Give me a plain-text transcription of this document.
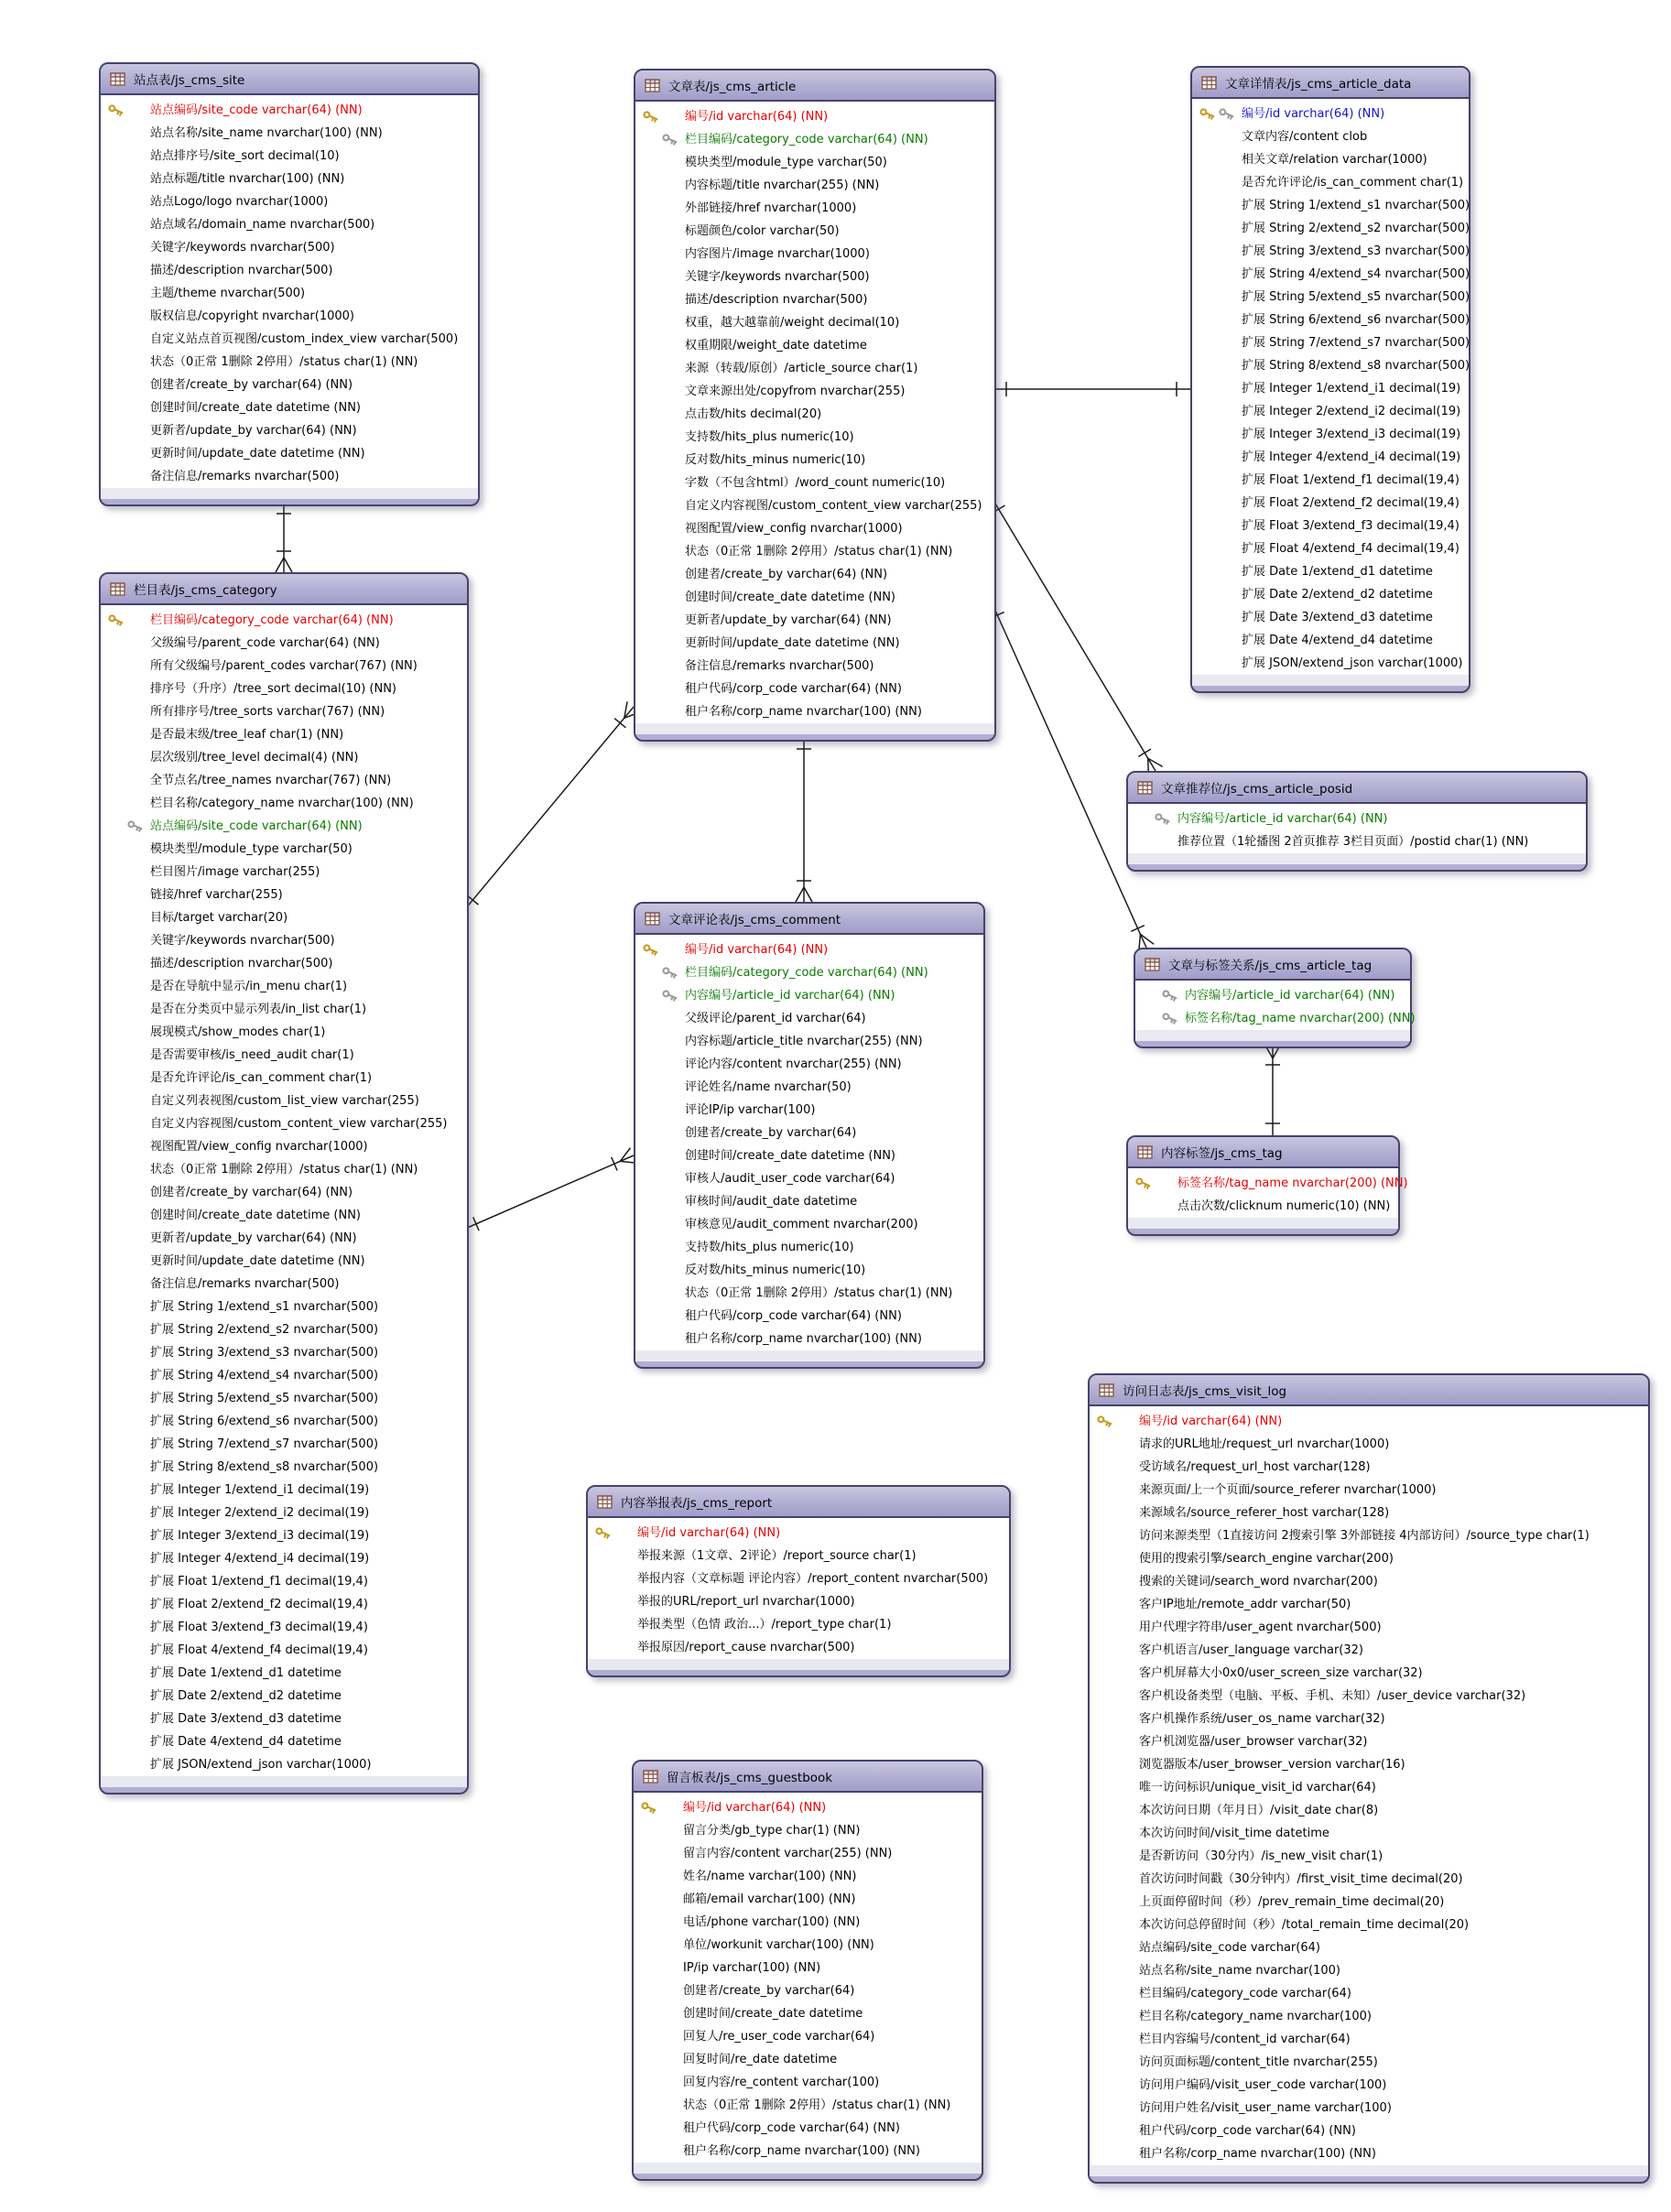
站点表/js_cms_site
站点编码/site_code varchar(64) (NN)
站点名称/site_name nvarchar(100) (NN)
站点排序号/site_sort decimal(10)
站点标题/title nvarchar(100) (NN)
站点Logo/logo nvarchar(1000)
站点域名/domain_name nvarchar(500)
关键字/keywords nvarchar(500)
描述/description nvarchar(500)
主题/theme nvarchar(500)
版权信息/copyright nvarchar(1000)
自定义站点首页视图/custom_index_view varchar(500)
状态（0正常 1删除 2停用）/status char(1) (NN)
创建者/create_by varchar(64) (NN)
创建时间/create_date datetime (NN)
更新者/update_by varchar(64) (NN)
更新时间/update_date datetime (NN)
备注信息/remarks nvarchar(500)
栏目表/js_cms_category
栏目编码/category_code varchar(64) (NN)
父级编号/parent_code varchar(64) (NN)
所有父级编号/parent_codes varchar(767) (NN)
排序号（升序）/tree_sort decimal(10) (NN)
所有排序号/tree_sorts varchar(767) (NN)
是否最末级/tree_leaf char(1) (NN)
层次级别/tree_level decimal(4) (NN)
全节点名/tree_names nvarchar(767) (NN)
栏目名称/category_name nvarchar(100) (NN)
站点编码/site_code varchar(64) (NN)
模块类型/module_type varchar(50)
栏目图片/image varchar(255)
链接/href varchar(255)
目标/target varchar(20)
关键字/keywords nvarchar(500)
描述/description nvarchar(500)
是否在导航中显示/in_menu char(1)
是否在分类页中显示列表/in_list char(1)
展现模式/show_modes char(1)
是否需要审核/is_need_audit char(1)
是否允许评论/is_can_comment char(1)
自定义列表视图/custom_list_view varchar(255)
自定义内容视图/custom_content_view varchar(255)
视图配置/view_config nvarchar(1000)
状态（0正常 1删除 2停用）/status char(1) (NN)
创建者/create_by varchar(64) (NN)
创建时间/create_date datetime (NN)
更新者/update_by varchar(64) (NN)
更新时间/update_date datetime (NN)
备注信息/remarks nvarchar(500)
扩展 String 1/extend_s1 nvarchar(500)
扩展 String 2/extend_s2 nvarchar(500)
扩展 String 3/extend_s3 nvarchar(500)
扩展 String 4/extend_s4 nvarchar(500)
扩展 String 5/extend_s5 nvarchar(500)
扩展 String 6/extend_s6 nvarchar(500)
扩展 String 7/extend_s7 nvarchar(500)
扩展 String 8/extend_s8 nvarchar(500)
扩展 Integer 1/extend_i1 decimal(19)
扩展 Integer 2/extend_i2 decimal(19)
扩展 Integer 3/extend_i3 decimal(19)
扩展 Integer 4/extend_i4 decimal(19)
扩展 Float 1/extend_f1 decimal(19,4)
扩展 Float 2/extend_f2 decimal(19,4)
扩展 Float 3/extend_f3 decimal(19,4)
扩展 Float 4/extend_f4 decimal(19,4)
扩展 Date 1/extend_d1 datetime
扩展 Date 2/extend_d2 datetime
扩展 Date 3/extend_d3 datetime
扩展 Date 4/extend_d4 datetime
扩展 JSON/extend_json varchar(1000)
文章表/js_cms_article
编号/id varchar(64) (NN)
栏目编码/category_code varchar(64) (NN)
模块类型/module_type varchar(50)
内容标题/title nvarchar(255) (NN)
外部链接/href nvarchar(1000)
标题颜色/color varchar(50)
内容图片/image nvarchar(1000)
关键字/keywords nvarchar(500)
描述/description nvarchar(500)
权重，越大越靠前/weight decimal(10)
权重期限/weight_date datetime
来源（转载/原创）/article_source char(1)
文章来源出处/copyfrom nvarchar(255)
点击数/hits decimal(20)
支持数/hits_plus numeric(10)
反对数/hits_minus numeric(10)
字数（不包含html）/word_count numeric(10)
自定义内容视图/custom_content_view varchar(255)
视图配置/view_config nvarchar(1000)
状态（0正常 1删除 2停用）/status char(1) (NN)
创建者/create_by varchar(64) (NN)
创建时间/create_date datetime (NN)
更新者/update_by varchar(64) (NN)
更新时间/update_date datetime (NN)
备注信息/remarks nvarchar(500)
租户代码/corp_code varchar(64) (NN)
租户名称/corp_name nvarchar(100) (NN)
文章详情表/js_cms_article_data
编号/id varchar(64) (NN)
文章内容/content clob
相关文章/relation varchar(1000)
是否允许评论/is_can_comment char(1)
扩展 String 1/extend_s1 nvarchar(500)
扩展 String 2/extend_s2 nvarchar(500)
扩展 String 3/extend_s3 nvarchar(500)
扩展 String 4/extend_s4 nvarchar(500)
扩展 String 5/extend_s5 nvarchar(500)
扩展 String 6/extend_s6 nvarchar(500)
扩展 String 7/extend_s7 nvarchar(500)
扩展 String 8/extend_s8 nvarchar(500)
扩展 Integer 1/extend_i1 decimal(19)
扩展 Integer 2/extend_i2 decimal(19)
扩展 Integer 3/extend_i3 decimal(19)
扩展 Integer 4/extend_i4 decimal(19)
扩展 Float 1/extend_f1 decimal(19,4)
扩展 Float 2/extend_f2 decimal(19,4)
扩展 Float 3/extend_f3 decimal(19,4)
扩展 Float 4/extend_f4 decimal(19,4)
扩展 Date 1/extend_d1 datetime
扩展 Date 2/extend_d2 datetime
扩展 Date 3/extend_d3 datetime
扩展 Date 4/extend_d4 datetime
扩展 JSON/extend_json varchar(1000)
文章评论表/js_cms_comment
编号/id varchar(64) (NN)
栏目编码/category_code varchar(64) (NN)
内容编号/article_id varchar(64) (NN)
父级评论/parent_id varchar(64)
内容标题/article_title nvarchar(255) (NN)
评论内容/content nvarchar(255) (NN)
评论姓名/name nvarchar(50)
评论IP/ip varchar(100)
创建者/create_by varchar(64)
创建时间/create_date datetime (NN)
审核人/audit_user_code varchar(64)
审核时间/audit_date datetime
审核意见/audit_comment nvarchar(200)
支持数/hits_plus numeric(10)
反对数/hits_minus numeric(10)
状态（0正常 1删除 2停用）/status char(1) (NN)
租户代码/corp_code varchar(64) (NN)
租户名称/corp_name nvarchar(100) (NN)
文章推荐位/js_cms_article_posid
内容编号/article_id varchar(64) (NN)
推荐位置（1轮播图 2首页推荐 3栏目页面）/postid char(1) (NN)
文章与标签关系/js_cms_article_tag
内容编号/article_id varchar(64) (NN)
标签名称/tag_name nvarchar(200) (NN)
内容标签/js_cms_tag
标签名称/tag_name nvarchar(200) (NN)
点击次数/clicknum numeric(10) (NN)
内容举报表/js_cms_report
编号/id varchar(64) (NN)
举报来源（1文章、2评论）/report_source char(1)
举报内容（文章标题 评论内容）/report_content nvarchar(500)
举报的URL/report_url nvarchar(1000)
举报类型（色情 政治...）/report_type char(1)
举报原因/report_cause nvarchar(500)
留言板表/js_cms_guestbook
编号/id varchar(64) (NN)
留言分类/gb_type char(1) (NN)
留言内容/content varchar(255) (NN)
姓名/name varchar(100) (NN)
邮箱/email varchar(100) (NN)
电话/phone varchar(100) (NN)
单位/workunit varchar(100) (NN)
IP/ip varchar(100) (NN)
创建者/create_by varchar(64)
创建时间/create_date datetime
回复人/re_user_code varchar(64)
回复时间/re_date datetime
回复内容/re_content varchar(100)
状态（0正常 1删除 2停用）/status char(1) (NN)
租户代码/corp_code varchar(64) (NN)
租户名称/corp_name nvarchar(100) (NN)
访问日志表/js_cms_visit_log
编号/id varchar(64) (NN)
请求的URL地址/request_url nvarchar(1000)
受访域名/request_url_host varchar(128)
来源页面/上一个页面/source_referer nvarchar(1000)
来源域名/source_referer_host varchar(128)
访问来源类型（1直接访问 2搜索引擎 3外部链接 4内部访问）/source_type char(1)
使用的搜索引擎/search_engine varchar(200)
搜索的关键词/search_word nvarchar(200)
客户IP地址/remote_addr varchar(50)
用户代理字符串/user_agent nvarchar(500)
客户机语言/user_language varchar(32)
客户机屏幕大小0x0/user_screen_size varchar(32)
客户机设备类型（电脑、平板、手机、未知）/user_device varchar(32)
客户机操作系统/user_os_name varchar(32)
客户机浏览器/user_browser varchar(32)
浏览器版本/user_browser_version varchar(16)
唯一访问标识/unique_visit_id varchar(64)
本次访问日期（年月日）/visit_date char(8)
本次访问时间/visit_time datetime
是否新访问（30分内）/is_new_visit char(1)
首次访问时间戳（30分钟内）/first_visit_time decimal(20)
上页面停留时间（秒）/prev_remain_time decimal(20)
本次访问总停留时间（秒）/total_remain_time decimal(20)
站点编码/site_code varchar(64)
站点名称/site_name nvarchar(100)
栏目编码/category_code varchar(64)
栏目名称/category_name nvarchar(100)
栏目内容编号/content_id varchar(64)
访问页面标题/content_title nvarchar(255)
访问用户编码/visit_user_code varchar(100)
访问用户姓名/visit_user_name varchar(100)
租户代码/corp_code varchar(64) (NN)
租户名称/corp_name nvarchar(100) (NN)
